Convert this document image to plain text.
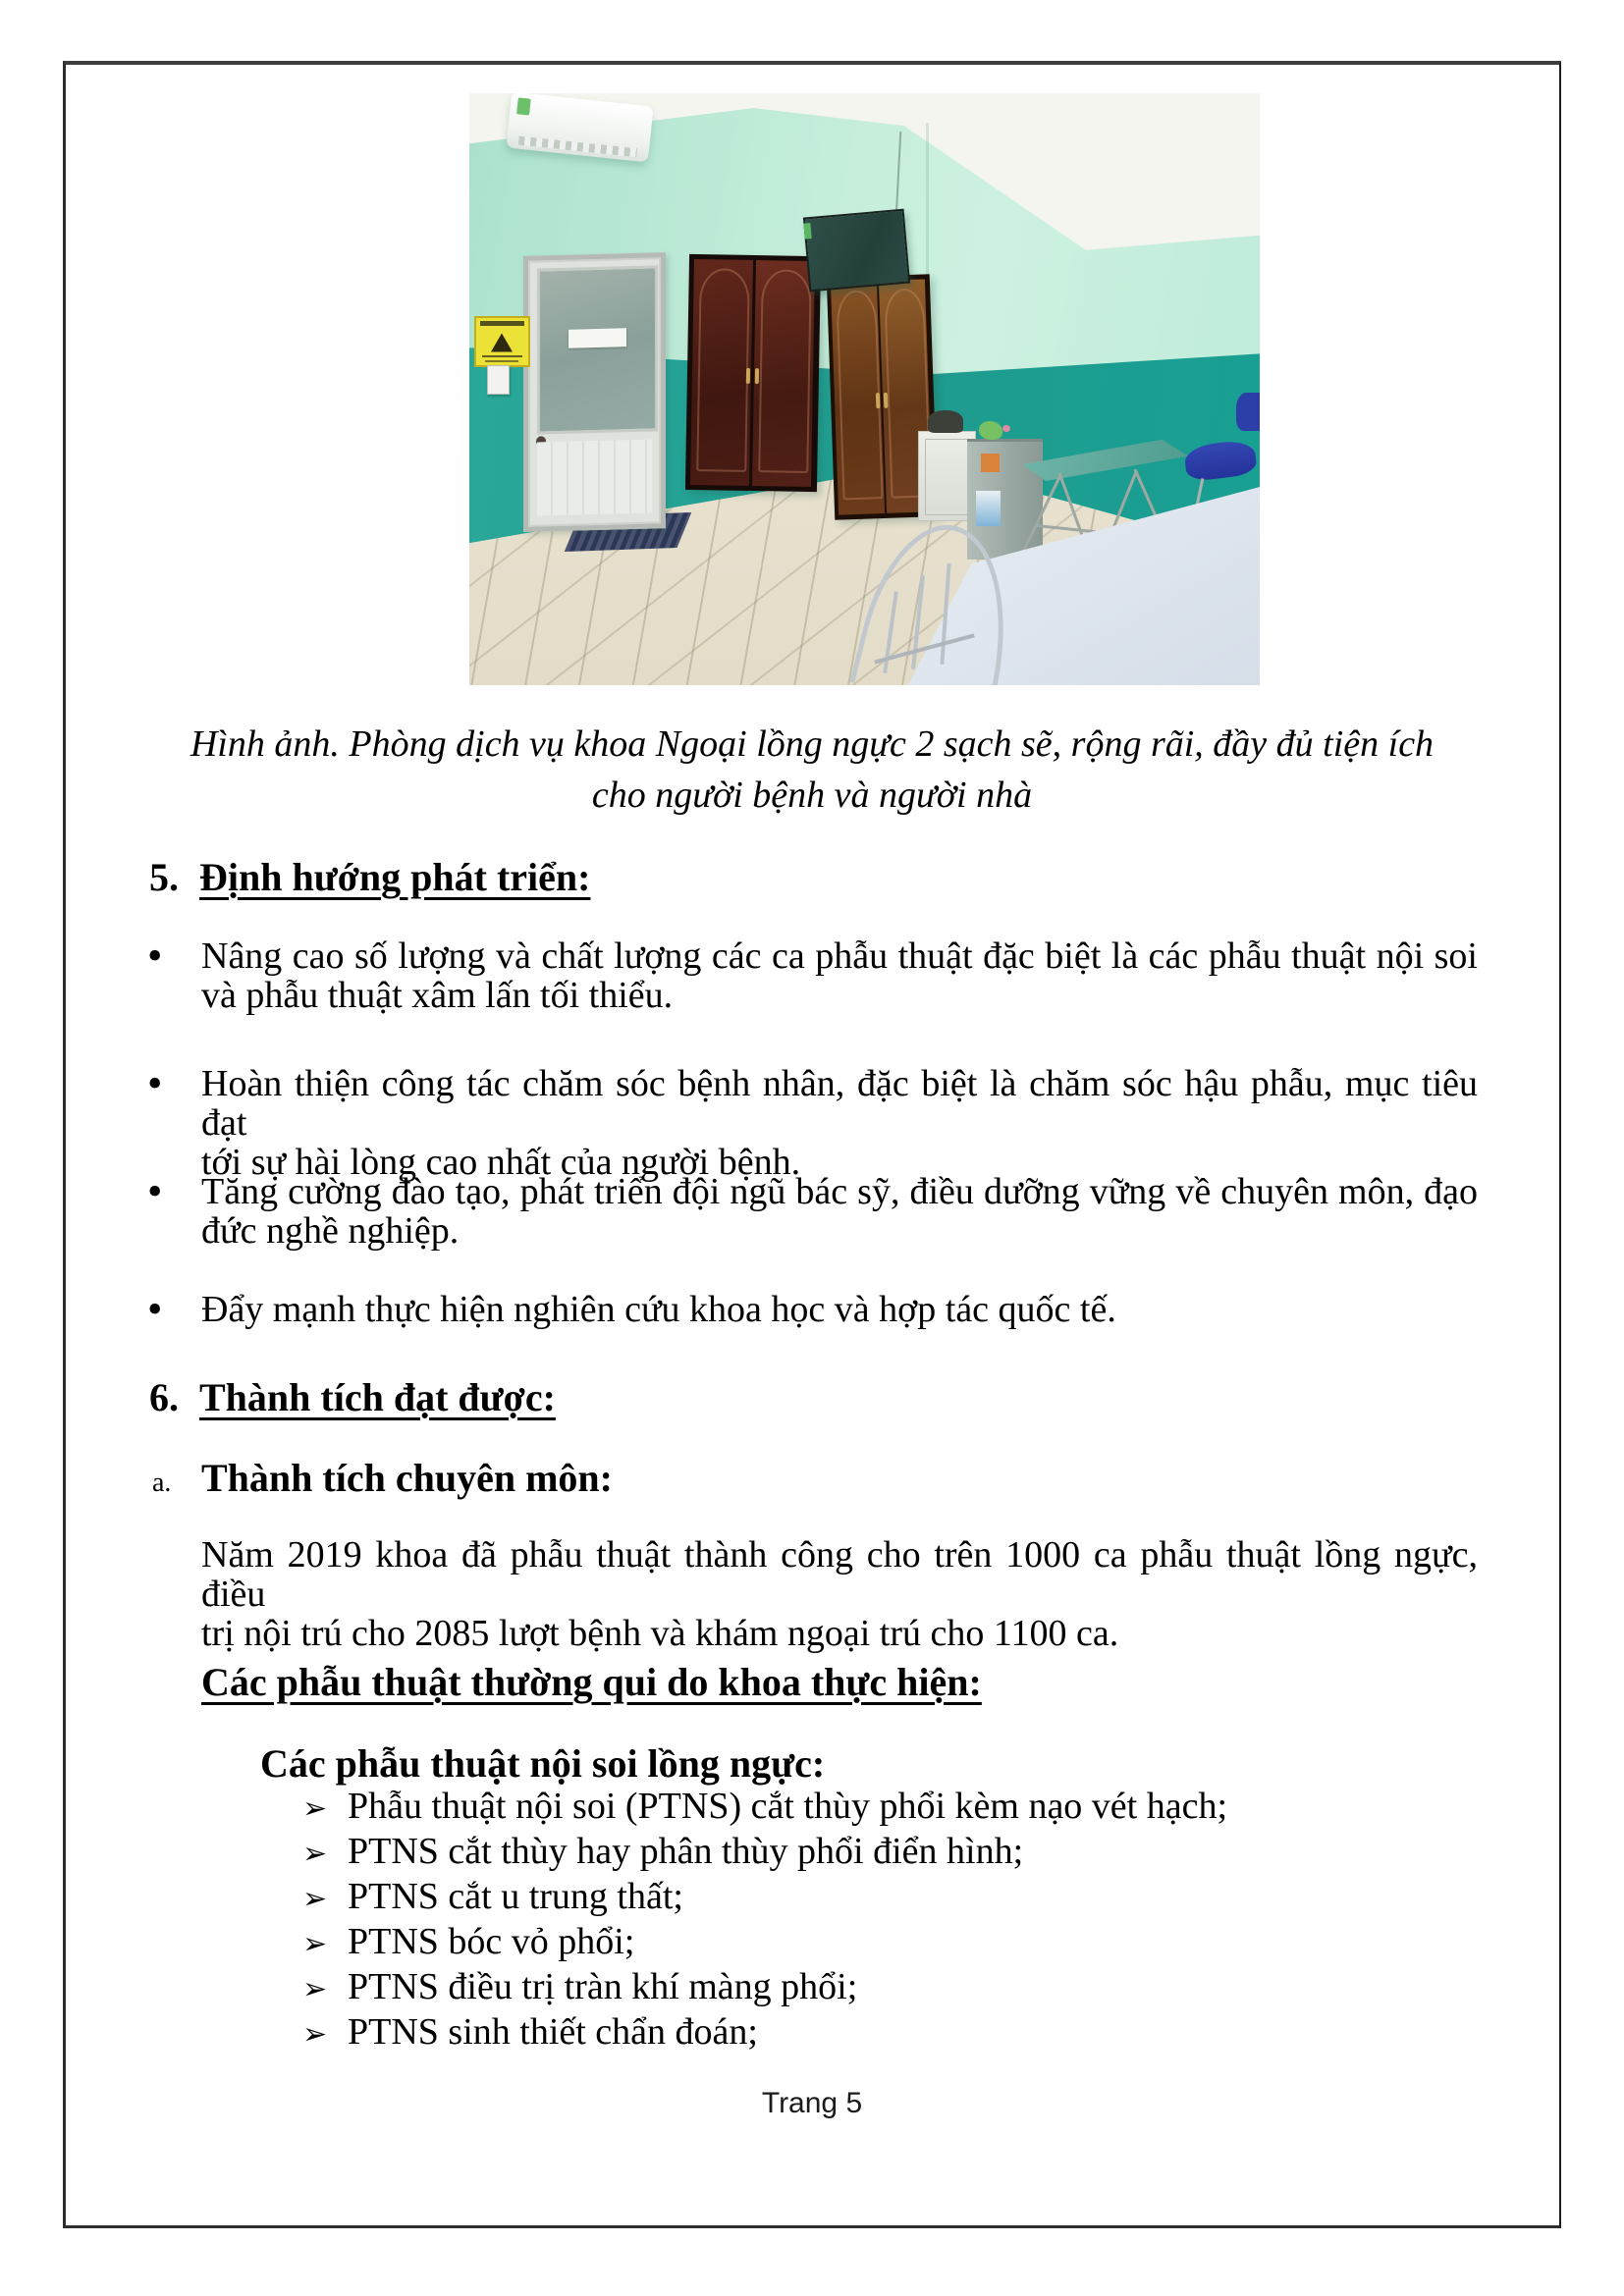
Hình ảnh. Phòng dịch vụ khoa Ngoại lồng ngực 2 sạch sẽ, rộng rãi, đầy đủ tiện ích
cho người bệnh và người nhà
5. Định hướng phát triển:
• Nâng cao số lượng và chất lượng các ca phẫu thuật đặc biệt là các phẫu thuật nội soi
và phẫu thuật xâm lấn tối thiểu.
• Hoàn thiện công tác chăm sóc bệnh nhân, đặc biệt là chăm sóc hậu phẫu, mục tiêu đạt
tới sự hài lòng cao nhất của người bệnh.
• Tăng cường đào tạo, phát triển đội ngũ bác sỹ, điều dưỡng vững về chuyên môn, đạo
đức nghề nghiệp.
• Đẩy mạnh thực hiện nghiên cứu khoa học và hợp tác quốc tế.
6. Thành tích đạt được:
a. Thành tích chuyên môn:
Năm 2019 khoa đã phẫu thuật thành công cho trên 1000 ca phẫu thuật lồng ngực, điều
trị nội trú cho 2085 lượt bệnh và khám ngoại trú cho 1100 ca.
Các phẫu thuật thường qui do khoa thực hiện:
Các phẫu thuật nội soi lồng ngực:
➢ Phẫu thuật nội soi (PTNS) cắt thùy phổi kèm nạo vét hạch;
➢ PTNS cắt thùy hay phân thùy phổi điển hình;
➢ PTNS cắt u trung thất;
➢ PTNS bóc vỏ phổi;
➢ PTNS điều trị tràn khí màng phổi;
➢ PTNS sinh thiết chẩn đoán;
Trang 5
